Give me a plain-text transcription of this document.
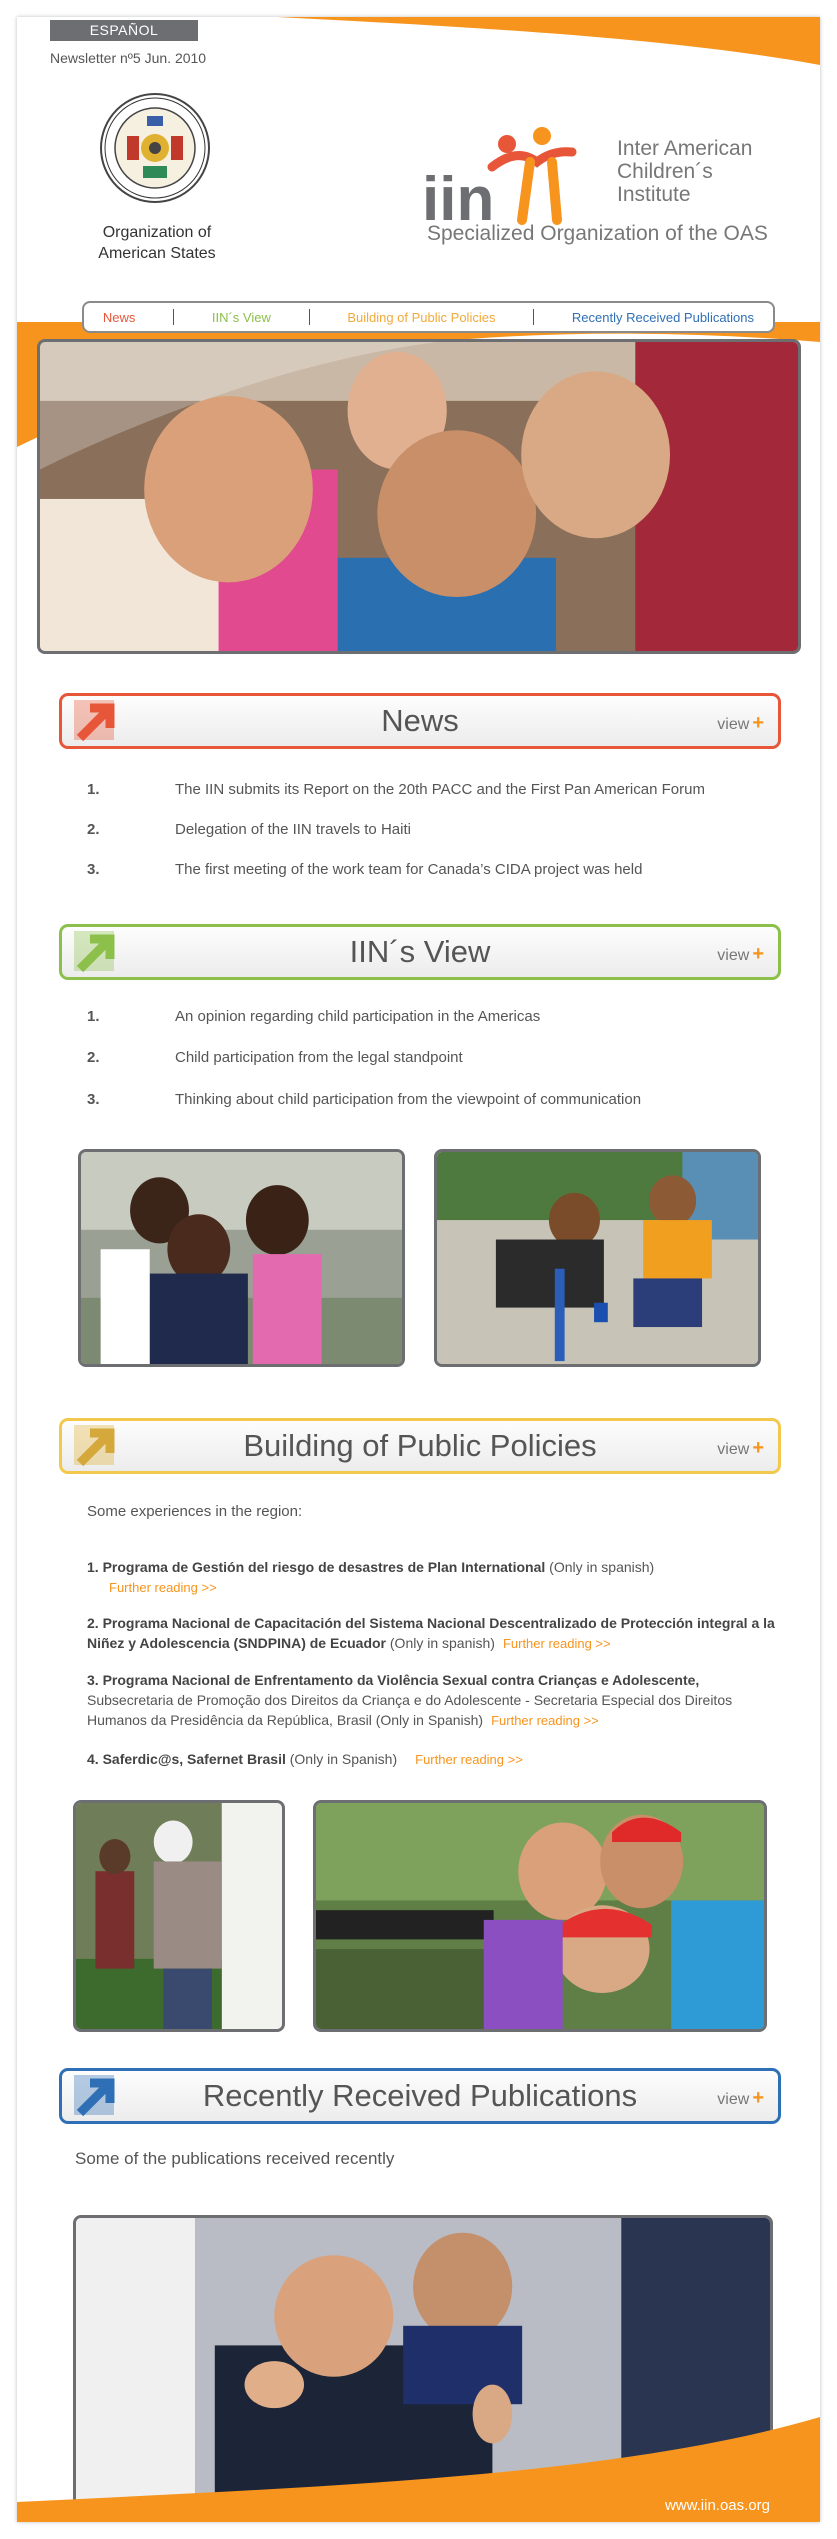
ESPAÑOL
Newsletter nº5 Jun. 2010
Organization of American States
iin
Inter American
Children´s
Institute
Specialized Organization of the OAS
News	IIN´s View	Building of Public Policies	Recently Received Publications
News	view +
1.	The IIN submits its Report on the 20th PACC and the First Pan American Forum
2.	Delegation of the IIN travels to Haiti
3.	The first meeting of the work team for Canada’s CIDA project was held
IIN´s View	view +
1.	An opinion regarding child participation in the Americas
2.	Child participation from the legal standpoint
3.	Thinking about child participation from the viewpoint of communication
Building of Public Policies	view +
Some experiences in the region:
1. Programa de Gestión del riesgo de desastres de Plan International (Only in spanish)
Further reading >>
2. Programa Nacional de Capacitación del Sistema Nacional Descentralizado de Protección integral a la Niñez y Adolescencia (SNDPINA) de Ecuador (Only in spanish) Further reading >>
3. Programa Nacional de Enfrentamento da Violência Sexual contra Crianças e Adolescente, Subsecretaria de Promoção dos Direitos da Criança e do Adolescente - Secretaria Especial dos Direitos Humanos da Presidência da República, Brasil (Only in Spanish) Further reading >>
4. Saferdic@s, Safernet Brasil (Only in Spanish) Further reading >>
Recently Received Publications	view +
Some of the publications received recently
www.iin.oas.org
